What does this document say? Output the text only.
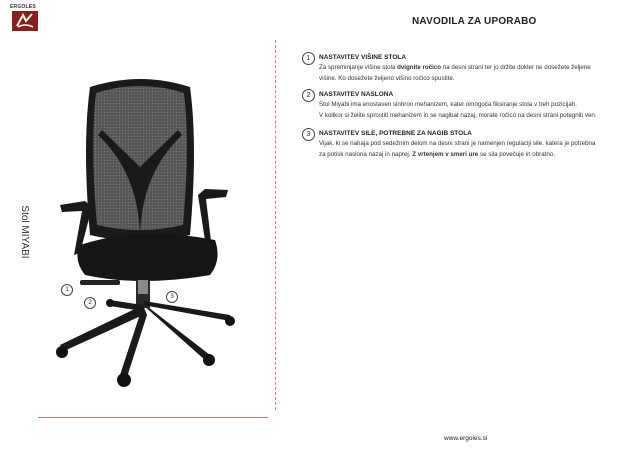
ERGOLES
Stol MIYABI
1
2
3
NAVODILA ZA UPORABO
1	NASTAVITEV VIŠINE STOLA
Za spreminjanje višine stola dvignite ročico na desni strani ter jo držite dokler ne dosežete željene
višine. Ko dosežete željeno višino ročico spustite.
2	NASTAVITEV NASLONA
Stol Miyabi ima enostaven sinhron mehanizem, kater omogoča fiksiranje stola v treh pozicijah.
V kolikor si želite sprostiti mehanizem in se nagibat nazaj, morate ročico na desni strani potegniti ven.
3	NASTAVITEV SILE, POTREBNE ZA NAGIB STOLA
Vijak, ki se nahaja pod sedežnim delom na desni strani je namenjen regulaciji sile, katera je potrebna
za potisk naslona nazaj in naprej. Z vrtenjem v smeri ure se sila povečuje in obratno.
www.ergoles.si
